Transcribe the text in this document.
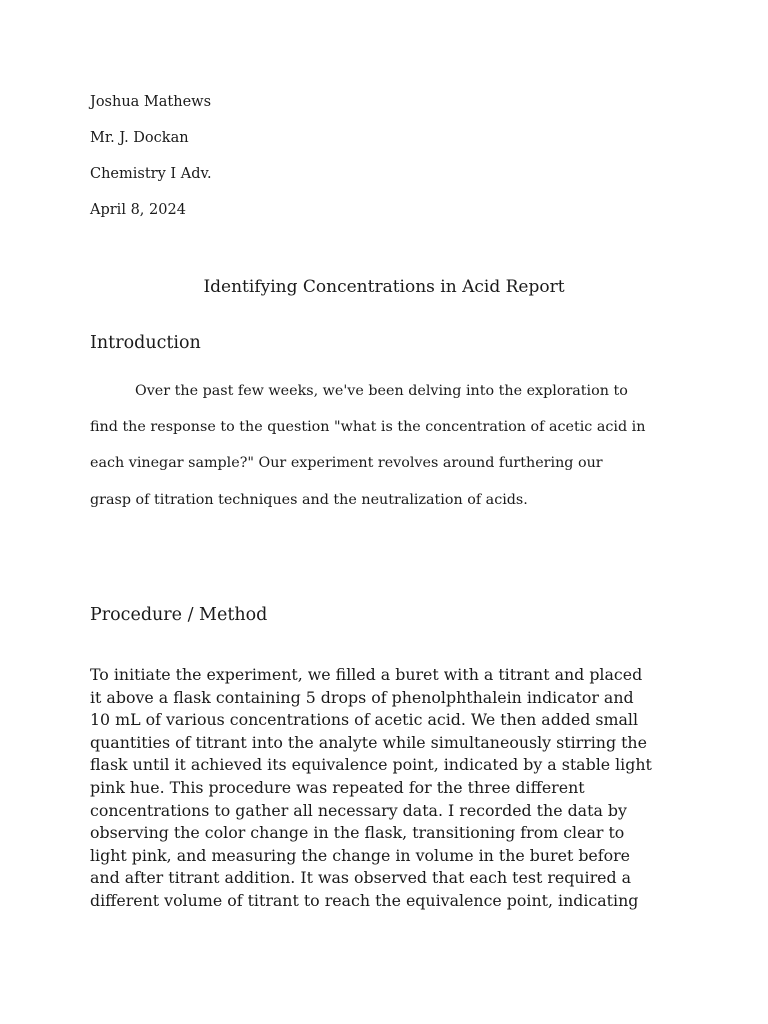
Joshua Mathews
Mr. J. Dockan
Chemistry I Adv.
April 8, 2024
Identifying Concentrations in Acid Report
Introduction

Over the past few weeks, we've been delving into the exploration to
find the response to the question "what is the concentration of acetic acid in
each vinegar sample?" Our experiment revolves around furthering our
grasp of titration techniques and the neutralization of acids.

Procedure / Method

To initiate the experiment, we filled a buret with a titrant and placed
it above a flask containing 5 drops of phenolphthalein indicator and
10 mL of various concentrations of acetic acid. We then added small
quantities of titrant into the analyte while simultaneously stirring the
flask until it achieved its equivalence point, indicated by a stable light
pink hue. This procedure was repeated for the three different
concentrations to gather all necessary data. I recorded the data by
observing the color change in the flask, transitioning from clear to
light pink, and measuring the change in volume in the buret before
and after titrant addition. It was observed that each test required a
different volume of titrant to reach the equivalence point, indicating
